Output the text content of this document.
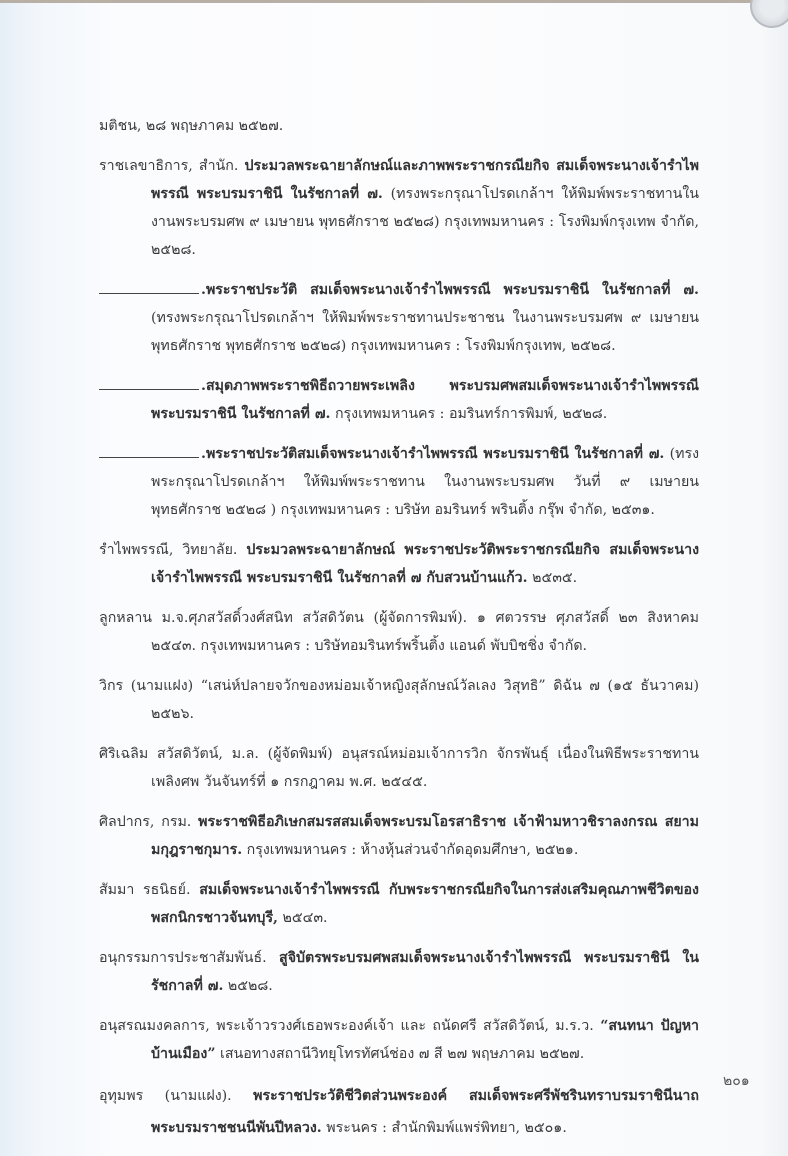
มติชน, ๒๘ พฤษภาคม ๒๕๒๗.
ราชเลขาธิการ, สำนัก. ประมวลพระฉายาลักษณ์และภาพพระราชกรณียกิจ สมเด็จพระนางเจ้ารำไพพรรณี พระบรมราชินี ในรัชกาลที่ ๗. (ทรงพระกรุณาโปรดเกล้าฯ ให้พิมพ์พระราชทานในงานพระบรมศพ ๙ เมษายน พุทธศักราช ๒๕๒๘) กรุงเทพมหานคร : โรงพิมพ์กรุงเทพ จำกัด, ๒๕๒๘.
.พระราชประวัติ สมเด็จพระนางเจ้ารำไพพรรณี พระบรมราชินี ในรัชกาลที่ ๗. (ทรงพระกรุณาโปรดเกล้าฯ ให้พิมพ์พระราชทานประชาชน ในงานพระบรมศพ ๙ เมษายน พุทธศักราช พุทธศักราช ๒๕๒๘) กรุงเทพมหานคร : โรงพิมพ์กรุงเทพ, ๒๕๒๘.
.สมุดภาพพระราชพิธีถวายพระเพลิง พระบรมศพสมเด็จพระนางเจ้ารำไพพรรณี พระบรมราชินี ในรัชกาลที่ ๗. กรุงเทพมหานคร : อมรินทร์การพิมพ์, ๒๕๒๘.
.พระราชประวัติสมเด็จพระนางเจ้ารำไพพรรณี พระบรมราชินี ในรัชกาลที่ ๗. (ทรงพระกรุณาโปรดเกล้าฯ ให้พิมพ์พระราชทาน ในงานพระบรมศพ วันที่ ๙ เมษายน พุทธศักราช ๒๕๒๘ ) กรุงเทพมหานคร : บริษัท อมรินทร์ พรินติ้ง กรุ๊พ จำกัด, ๒๕๓๑.
รำไพพรรณี, วิทยาลัย. ประมวลพระฉายาลักษณ์ พระราชประวัติพระราชกรณียกิจ สมเด็จพระนางเจ้ารำไพพรรณี พระบรมราชินี ในรัชกาลที่ ๗ กับสวนบ้านแก้ว. ๒๕๓๕.
ลูกหลาน ม.จ.ศุภสวัสดิ์วงศ์สนิท สวัสดิวัตน (ผู้จัดการพิมพ์). ๑ ศตวรรษ ศุภสวัสดิ์ ๒๓ สิงหาคม ๒๕๔๓. กรุงเทพมหานคร : บริษัทอมรินทร์พริ้นติ้ง แอนด์ พับบิชชิ่ง จำกัด.
วิกร (นามแฝง) “เสน่ห์ปลายจวักของหม่อมเจ้าหญิงสุลักษณ์วัลเลง วิสุทธิ” ดิฉัน ๗ (๑๕ ธันวาคม) ๒๕๒๖.
ศิริเฉลิม สวัสดิวัตน์, ม.ล. (ผู้จัดพิมพ์) อนุสรณ์หม่อมเจ้าการวิก จักรพันธุ์ เนื่องในพิธีพระราชทานเพลิงศพ วันจันทร์ที่ ๑ กรกฎาคม พ.ศ. ๒๕๔๕.
ศิลปากร, กรม. พระราชพิธีอภิเษกสมรสสมเด็จพระบรมโอรสาธิราช เจ้าฟ้ามหาวชิราลงกรณ สยามมกุฎราชกุมาร. กรุงเทพมหานคร : ห้างหุ้นส่วนจำกัดอุดมศึกษา, ๒๕๒๑.
สัมมา รธนิธย์. สมเด็จพระนางเจ้ารำไพพรรณี กับพระราชกรณียกิจในการส่งเสริมคุณภาพชีวิตของพสกนิกรชาวจันทบุรี, ๒๕๔๓.
อนุกรรมการประชาสัมพันธ์. สูจิบัตรพระบรมศพสมเด็จพระนางเจ้ารำไพพรรณี พระบรมราชินี ในรัชกาลที่ ๗. ๒๕๒๘.
อนุสรณมงคลการ, พระเจ้าวรวงศ์เธอพระองค์เจ้า และ ถนัดศรี สวัสดิวัตน์, ม.ร.ว. “สนทนา ปัญหาบ้านเมือง” เสนอทางสถานีวิทยุโทรทัศน์ช่อง ๗ สี ๒๗ พฤษภาคม ๒๕๒๗.
อุทุมพร (นามแฝง). พระราชประวัติชีวิตส่วนพระองค์ สมเด็จพระศรีพัชรินทราบรมราชินีนาถ พระบรมราชชนนีพันปีหลวง. พระนคร : สำนักพิมพ์แพร่พิทยา, ๒๕๐๑.
๒๐๑
